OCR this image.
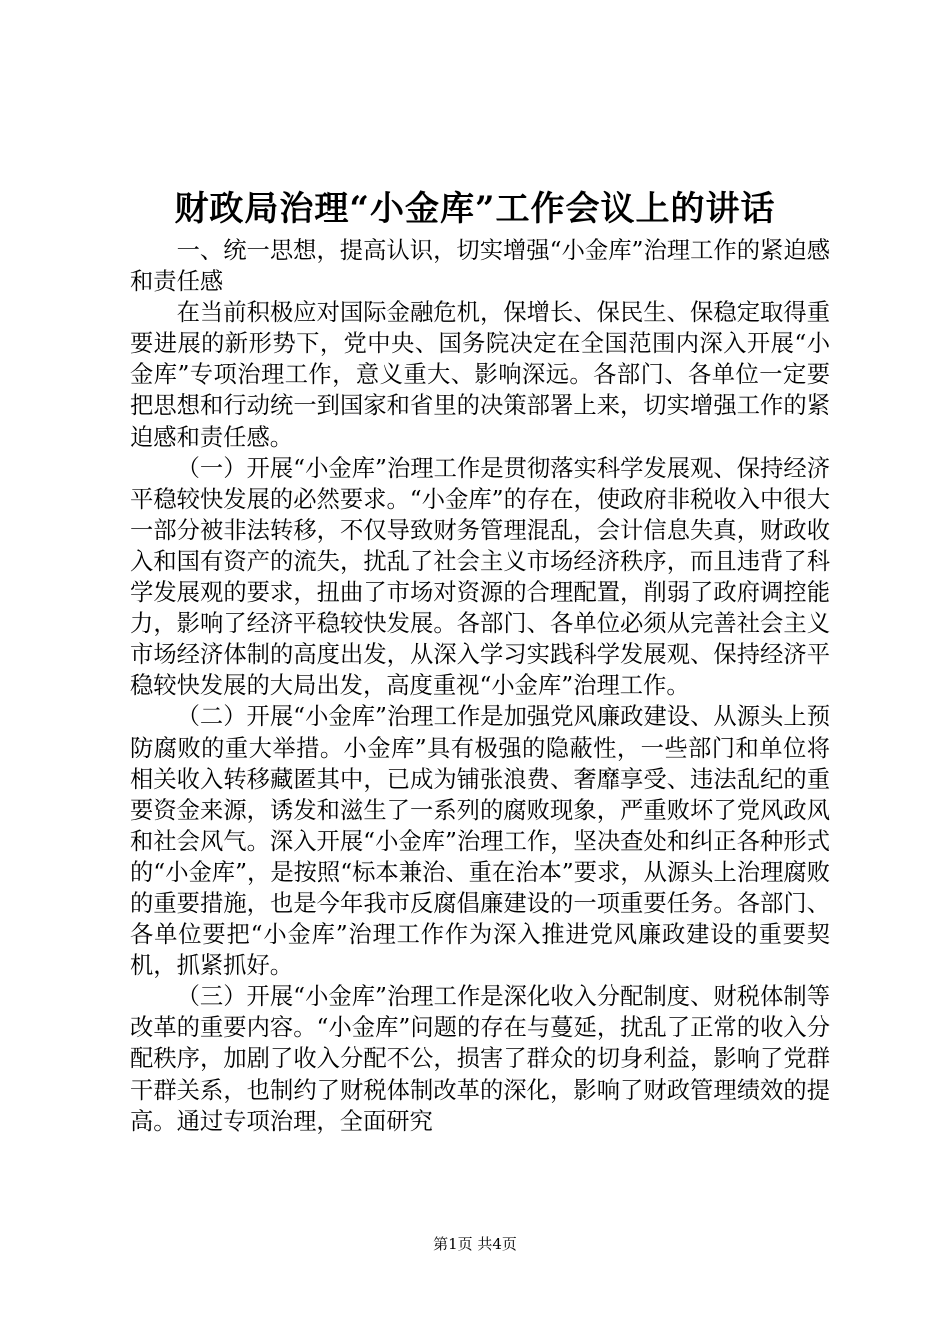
财政局治理“小金库”工作会议上的讲话

一、统一思想，提高认识，切实增强“小金库”治理工作的紧迫感和责任感

在当前积极应对国际金融危机，保增长、保民生、保稳定取得重要进展的新形势下，党中央、国务院决定在全国范围内深入开展“小金库”专项治理工作，意义重大、影响深远。各部门、各单位一定要把思想和行动统一到国家和省里的决策部署上来，切实增强工作的紧迫感和责任感。

（一）开展“小金库”治理工作是贯彻落实科学发展观、保持经济平稳较快发展的必然要求。“小金库”的存在，使政府非税收入中很大一部分被非法转移，不仅导致财务管理混乱，会计信息失真，财政收入和国有资产的流失，扰乱了社会主义市场经济秩序，而且违背了科学发展观的要求，扭曲了市场对资源的合理配置，削弱了政府调控能力，影响了经济平稳较快发展。各部门、各单位必须从完善社会主义市场经济体制的高度出发，从深入学习实践科学发展观、保持经济平稳较快发展的大局出发，高度重视“小金库”治理工作。

（二）开展“小金库”治理工作是加强党风廉政建设、从源头上预防腐败的重大举措。小金库”具有极强的隐蔽性，一些部门和单位将相关收入转移藏匿其中，已成为铺张浪费、奢靡享受、违法乱纪的重要资金来源，诱发和滋生了一系列的腐败现象，严重败坏了党风政风和社会风气。深入开展“小金库”治理工作，坚决查处和纠正各种形式的“小金库”，是按照“标本兼治、重在治本”要求，从源头上治理腐败的重要措施，也是今年我市反腐倡廉建设的一项重要任务。各部门、各单位要把“小金库”治理工作作为深入推进党风廉政建设的重要契机，抓紧抓好。

（三）开展“小金库”治理工作是深化收入分配制度、财税体制等改革的重要内容。“小金库”问题的存在与蔓延，扰乱了正常的收入分配秩序，加剧了收入分配不公，损害了群众的切身利益，影响了党群干群关系，也制约了财税体制改革的深化，影响了财政管理绩效的提高。通过专项治理，全面研究

第1页 共4页
